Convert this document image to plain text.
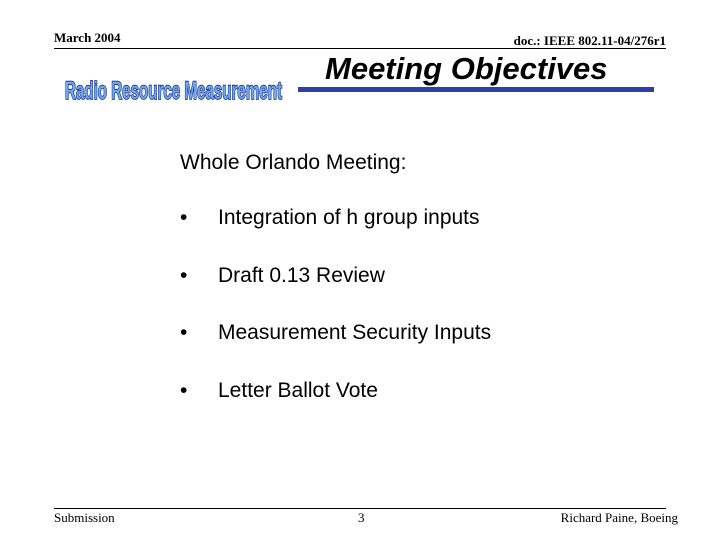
March 2004	doc.: IEEE 802.11-04/276r1
Radio Resource Measurement
Meeting Objectives
Whole Orlando Meeting:
• Integration of h group inputs
• Draft 0.13 Review
• Measurement Security Inputs
• Letter Ballot Vote
Submission	3	Richard Paine, Boeing
